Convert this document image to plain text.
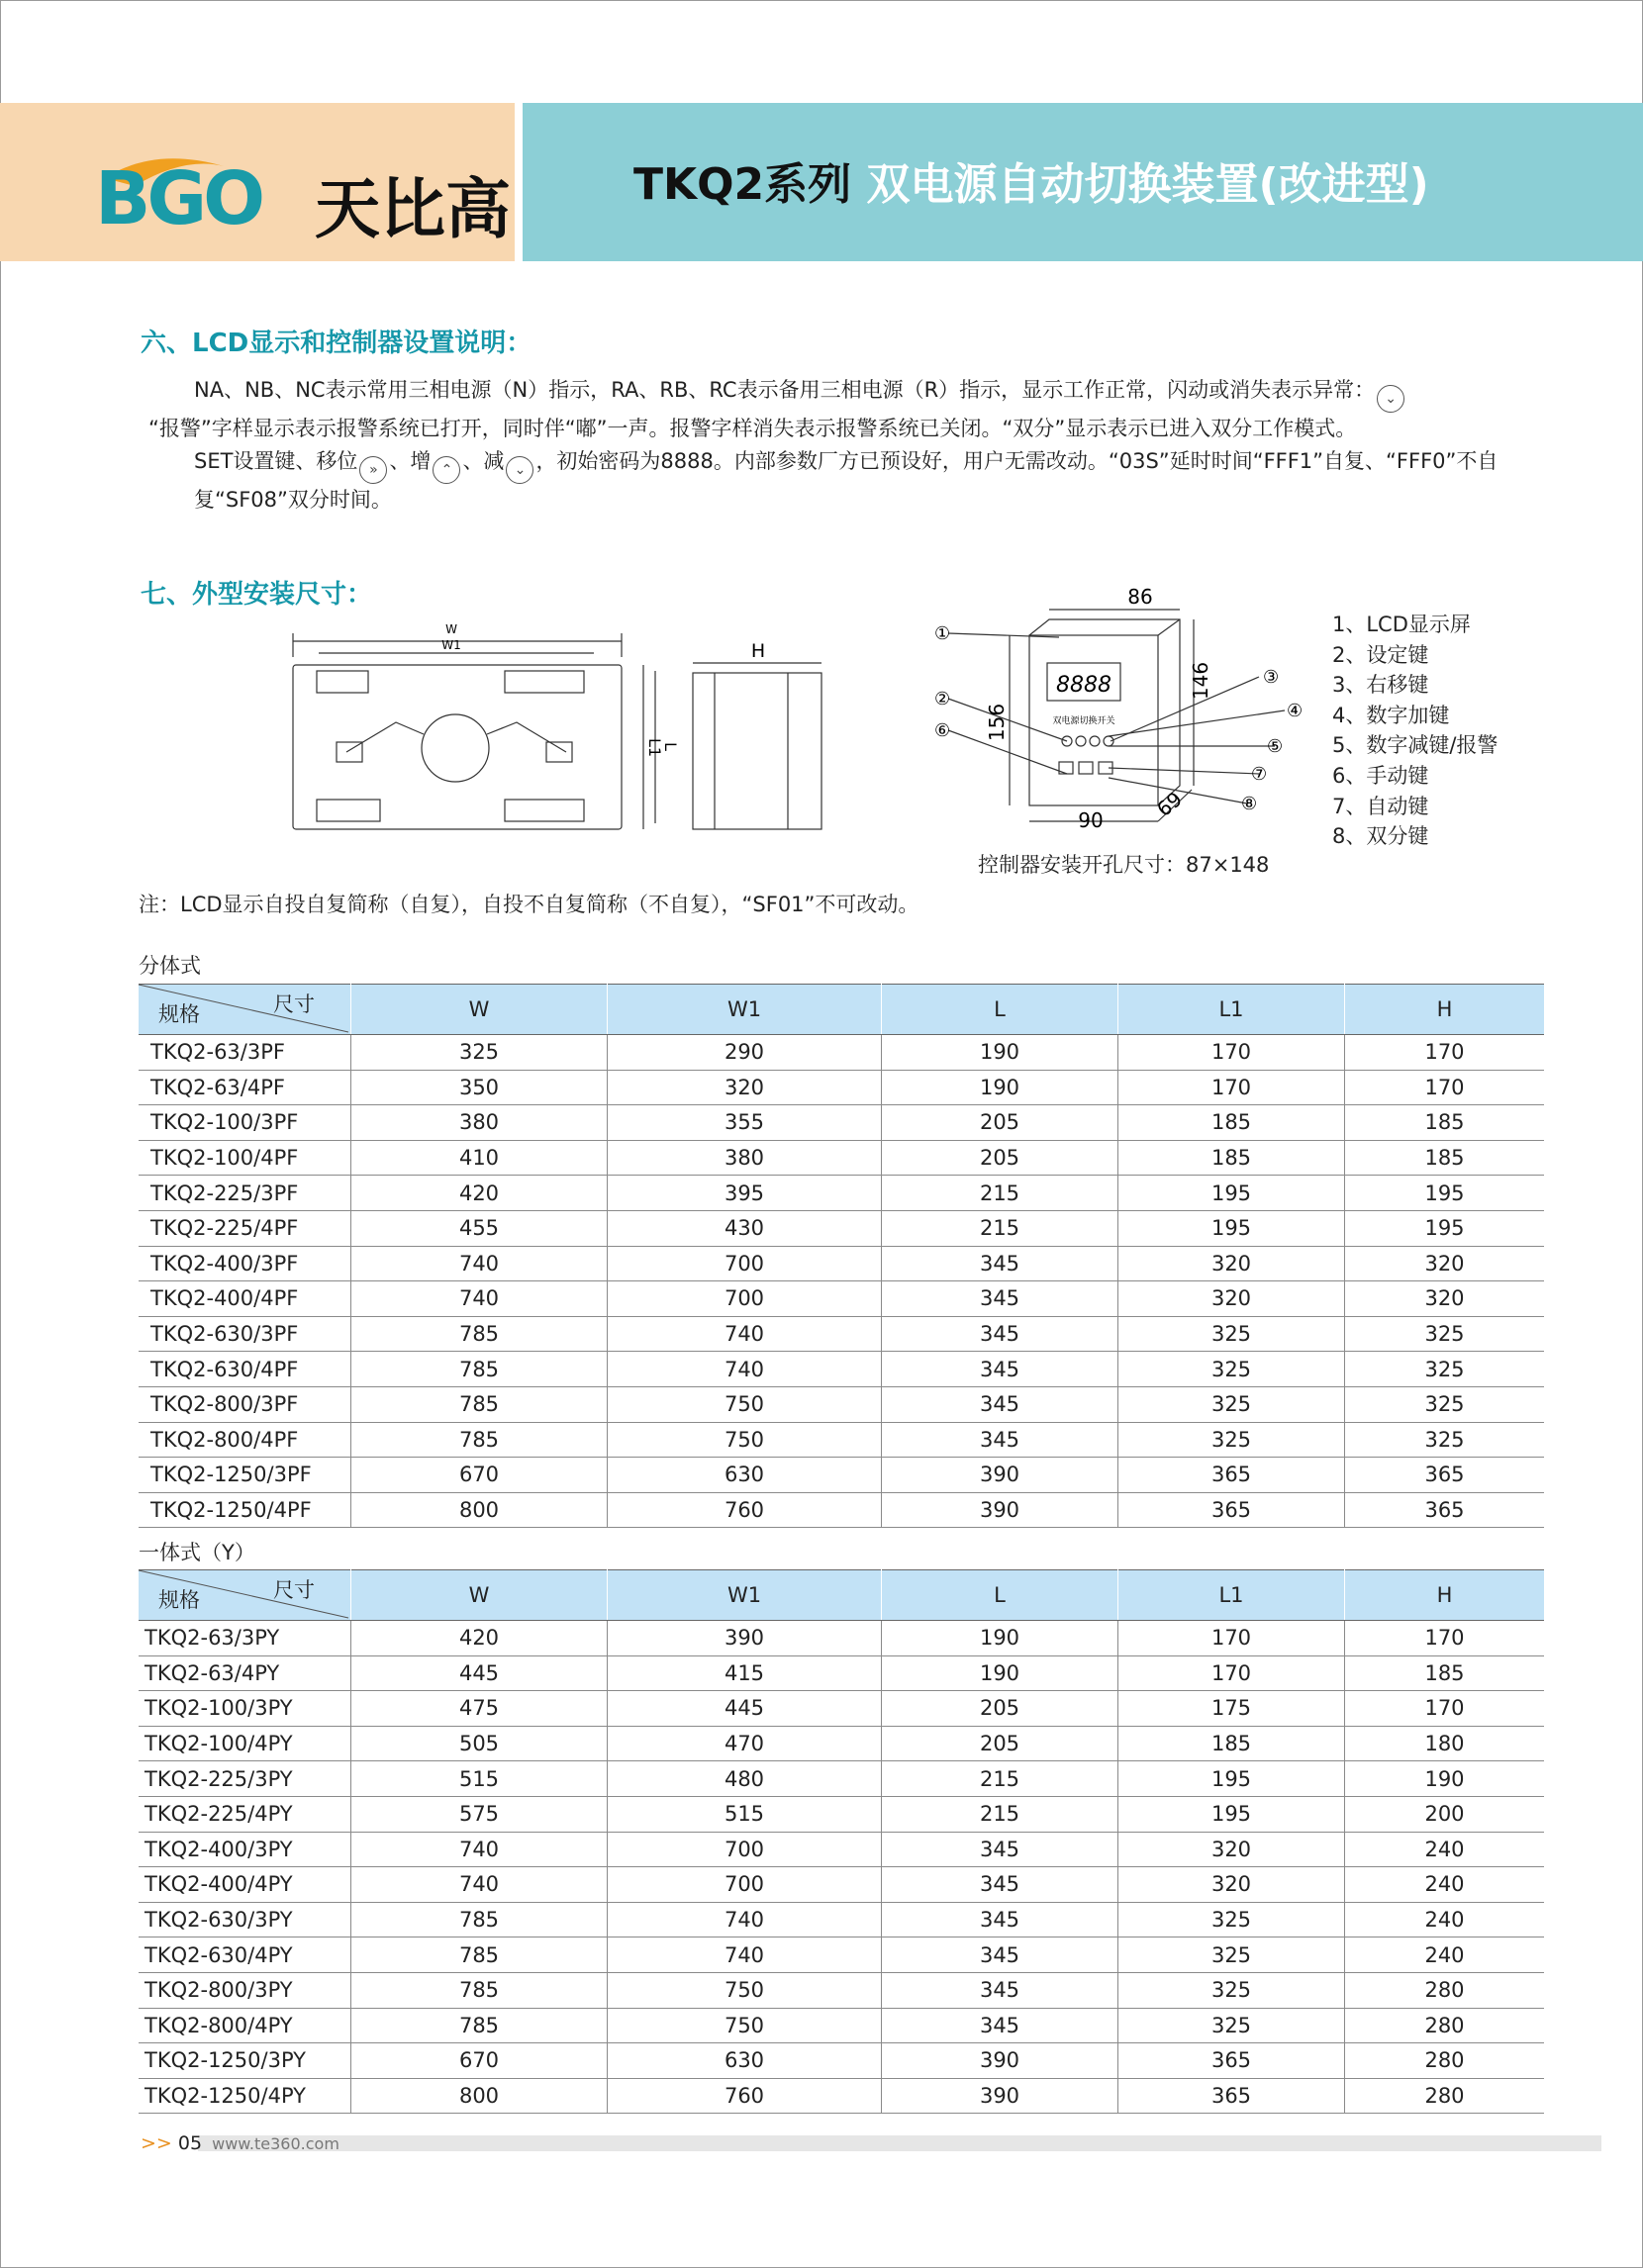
BGO 天比高	TKQ2系列 双电源自动切换装置(改进型)
六、LCD显示和控制器设置说明：
NA、NB、NC表示常用三相电源（N）指示，RA、RB、RC表示备用三相电源（R）指示，显示工作正常，闪动或消失表示异常： ⌄
“报警”字样显示表示报警系统已打开，同时伴“嘟”一声。报警字样消失表示报警系统已关闭。“双分”显示表示已进入双分工作模式。
SET设置键、移位 » 、增 ⌃ 、减 ⌄ ，初始密码为8888。内部参数厂方已预设好，用户无需改动。“03S”延时时间“FFF1”自复、“FFF0”不自复“SF08”双分时间。
七、外型安装尺寸：
W
W1
L
L1
H
8888
双电源切换开关
86
156
146
90 69
①
②
③
④
⑤
⑥
⑦
⑧
1、LCD显示屏
2、设定键
3、右移键
4、数字加键
5、数字减键/报警
6、手动键
7、自动键
8、双分键
控制器安装开孔尺寸：87×148
注：LCD显示自投自复简称（自复），自投不自复简称（不自复），“SF01”不可改动。
分体式
尺寸
规格	W	W1	L	L1	H
TKQ2-63/3PF	325	290	190	170	170
TKQ2-63/4PF	350	320	190	170	170
TKQ2-100/3PF	380	355	205	185	185
TKQ2-100/4PF	410	380	205	185	185
TKQ2-225/3PF	420	395	215	195	195
TKQ2-225/4PF	455	430	215	195	195
TKQ2-400/3PF	740	700	345	320	320
TKQ2-400/4PF	740	700	345	320	320
TKQ2-630/3PF	785	740	345	325	325
TKQ2-630/4PF	785	740	345	325	325
TKQ2-800/3PF	785	750	345	325	325
TKQ2-800/4PF	785	750	345	325	325
TKQ2-1250/3PF	670	630	390	365	365
TKQ2-1250/4PF	800	760	390	365	365
一体式（Y）
尺寸
规格	W	W1	L	L1	H
TKQ2-63/3PY	420	390	190	170	170
TKQ2-63/4PY	445	415	190	170	185
TKQ2-100/3PY	475	445	205	175	170
TKQ2-100/4PY	505	470	205	185	180
TKQ2-225/3PY	515	480	215	195	190
TKQ2-225/4PY	575	515	215	195	200
TKQ2-400/3PY	740	700	345	320	240
TKQ2-400/4PY	740	700	345	320	240
TKQ2-630/3PY	785	740	345	325	240
TKQ2-630/4PY	785	740	345	325	240
TKQ2-800/3PY	785	750	345	325	280
TKQ2-800/4PY	785	750	345	325	280
TKQ2-1250/3PY	670	630	390	365	280
TKQ2-1250/4PY	800	760	390	365	280
>> 05 www.te360.com
